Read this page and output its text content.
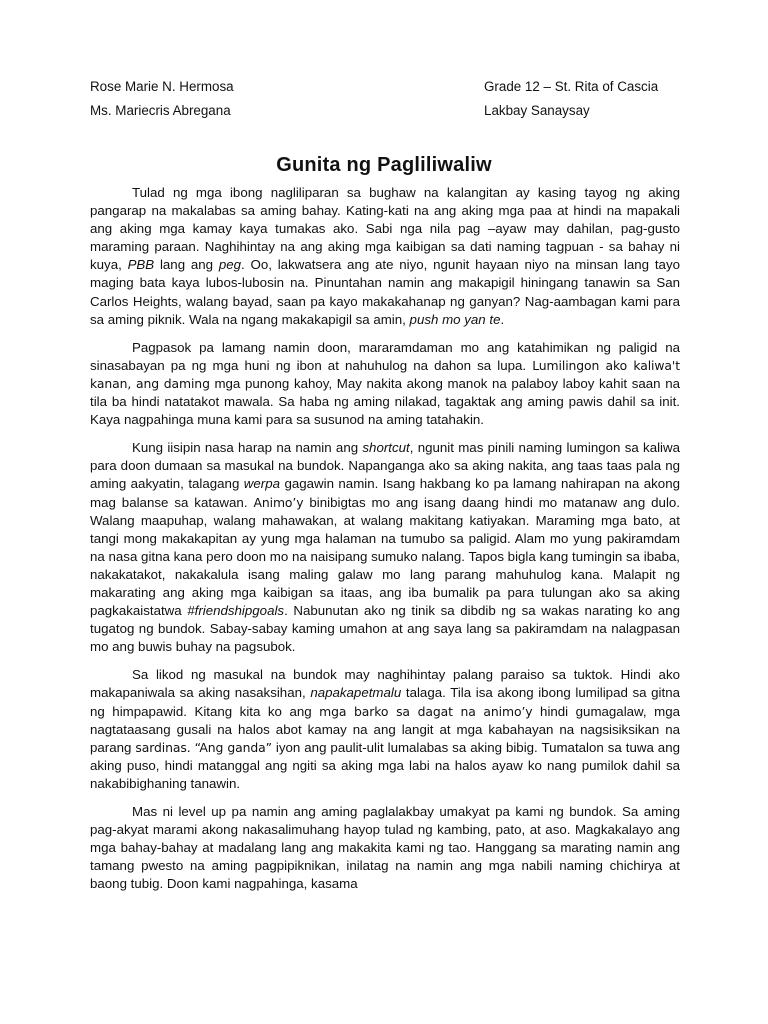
Rose Marie N. Hermosa	Grade 12 – St. Rita of Cascia
Ms. Mariecris Abregana	Lakbay Sanaysay
Gunita ng Pagliliwaliw

Tulad ng mga ibong nagliliparan sa bughaw na kalangitan ay kasing tayog ng aking pangarap na makalabas sa aming bahay. Kating-kati na ang aking mga paa at hindi na mapakali ang aking mga kamay kaya tumakas ako. Sabi nga nila pag –ayaw may dahilan, pag-gusto maraming paraan. Naghihintay na ang aking mga kaibigan sa dati naming tagpuan - sa bahay ni kuya, PBB lang ang peg. Oo, lakwatsera ang ate niyo, ngunit hayaan niyo na minsan lang tayo maging bata kaya lubos-lubosin na. Pinuntahan namin ang makapigil hiningang tanawin sa San Carlos Heights, walang bayad, saan pa kayo makakahanap ng ganyan? Nag-aambagan kami para sa aming piknik. Wala na ngang makakapigil sa amin, push mo yan te.

Pagpasok pa lamang namin doon, mararamdaman mo ang katahimikan ng paligid na sinasabayan pa ng mga huni ng ibon at nahuhulog na dahon sa lupa. Lumilingon ako kaliwa't kanan, ang daming mga punong kahoy, May nakita akong manok na palaboy laboy kahit saan na tila ba hindi natatakot mawala. Sa haba ng aming nilakad, tagaktak ang aming pawis dahil sa init. Kaya nagpahinga muna kami para sa susunod na aming tatahakin.

Kung iisipin nasa harap na namin ang shortcut, ngunit mas pinili naming lumingon sa kaliwa para doon dumaan sa masukal na bundok. Napanganga ako sa aking nakita, ang taas taas pala ng aming aakyatin, talagang werpa gagawin namin. Isang hakbang ko pa lamang nahirapan na akong mag balanse sa katawan. Animo’y binibigtas mo ang isang daang hindi mo matanaw ang dulo. Walang maapuhap, walang mahawakan, at walang makitang katiyakan. Maraming mga bato, at tangi mong makakapitan ay yung mga halaman na tumubo sa paligid. Alam mo yung pakiramdam na nasa gitna kana pero doon mo na naisipang sumuko nalang. Tapos bigla kang tumingin sa ibaba, nakakatakot, nakakalula isang maling galaw mo lang parang mahuhulog kana. Malapit ng makarating ang aking mga kaibigan sa itaas, ang iba bumalik pa para tulungan ako sa aking pagkakaistatwa #friendshipgoals. Nabunutan ako ng tinik sa dibdib ng sa wakas narating ko ang tugatog ng bundok. Sabay-sabay kaming umahon at ang saya lang sa pakiramdam na nalagpasan mo ang buwis buhay na pagsubok.

Sa likod ng masukal na bundok may naghihintay palang paraiso sa tuktok. Hindi ako makapaniwala sa aking nasaksihan, napakapetmalu talaga. Tila isa akong ibong lumilipad sa gitna ng himpapawid. Kitang kita ko ang mga barko sa dagat na animo’y hindi gumagalaw, mga nagtataasang gusali na halos abot kamay na ang langit at mga kabahayan na nagsisiksikan na parang sardinas. “Ang ganda” iyon ang paulit-ulit lumalabas sa aking bibig. Tumatalon sa tuwa ang aking puso, hindi matanggal ang ngiti sa aking mga labi na halos ayaw ko nang pumilok dahil sa nakabibighaning tanawin.

Mas ni level up pa namin ang aming paglalakbay umakyat pa kami ng bundok. Sa aming pag-akyat marami akong nakasalimuhang hayop tulad ng kambing, pato, at aso. Magkakalayo ang mga bahay-bahay at madalang lang ang makakita kami ng tao. Hanggang sa marating namin ang tamang pwesto na aming pagpipiknikan, inilatag na namin ang mga nabili naming chichirya at baong tubig. Doon kami nagpahinga, kasama
